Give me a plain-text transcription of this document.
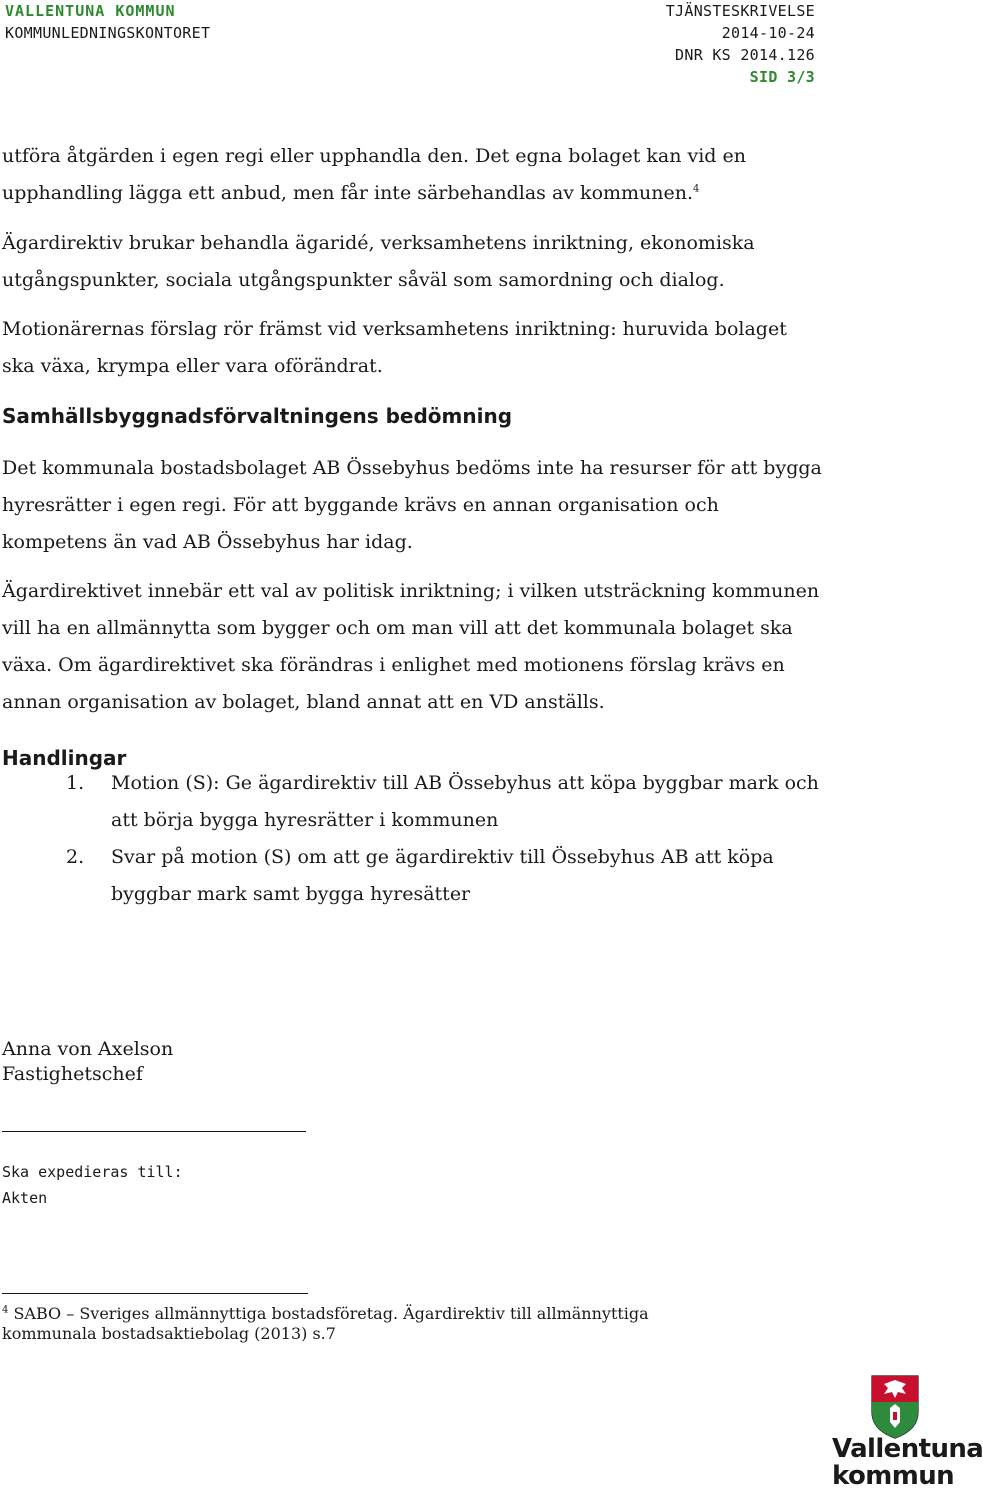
VALLENTUNA KOMMUN
KOMMUNLEDNINGSKONTORET
TJÄNSTESKRIVELSE
2014-10-24
DNR KS 2014.126
SID 3/3

utföra åtgärden i egen regi eller upphandla den. Det egna bolaget kan vid en upphandling lägga ett anbud, men får inte särbehandlas av kommunen.$^4$

Ägardirektiv brukar behandla ägaridé, verksamhetens inriktning, ekonomiska utgångspunkter, sociala utgångspunkter såväl som samordning och dialog.

Motionärernas förslag rör främst vid verksamhetens inriktning: huruvida bolaget ska växa, krympa eller vara oförändrat.

Samhällsbyggnadsförvaltningens bedömning

Det kommunala bostadsbolaget AB Össebyhus bedöms inte ha resurser för att bygga hyresrätter i egen regi. För att byggande krävs en annan organisation och kompetens än vad AB Össebyhus har idag.

Ägardirektivet innebär ett val av politisk inriktning; i vilken utsträckning kommunen vill ha en allmännytta som bygger och om man vill att det kommunala bolaget ska växa. Om ägardirektivet ska förändras i enlighet med motionens förslag krävs en annan organisation av bolaget, bland annat att en VD anställs.

Handlingar
1.	Motion (S): Ge ägardirektiv till AB Össebyhus att köpa byggbar mark och att börja bygga hyresrätter i kommunen
2.	Svar på motion (S) om att ge ägardirektiv till Össebyhus AB att köpa byggbar mark samt bygga hyresätter

Anna von Axelson

Fastighetschef

Ska expedieras till:

Akten

$^4$ SABO – Sveriges allmännyttiga bostadsföretag. Ägardirektiv till allmännyttiga kommunala bostadsaktiebolag (2013) s.7

Vallentuna
kommun
